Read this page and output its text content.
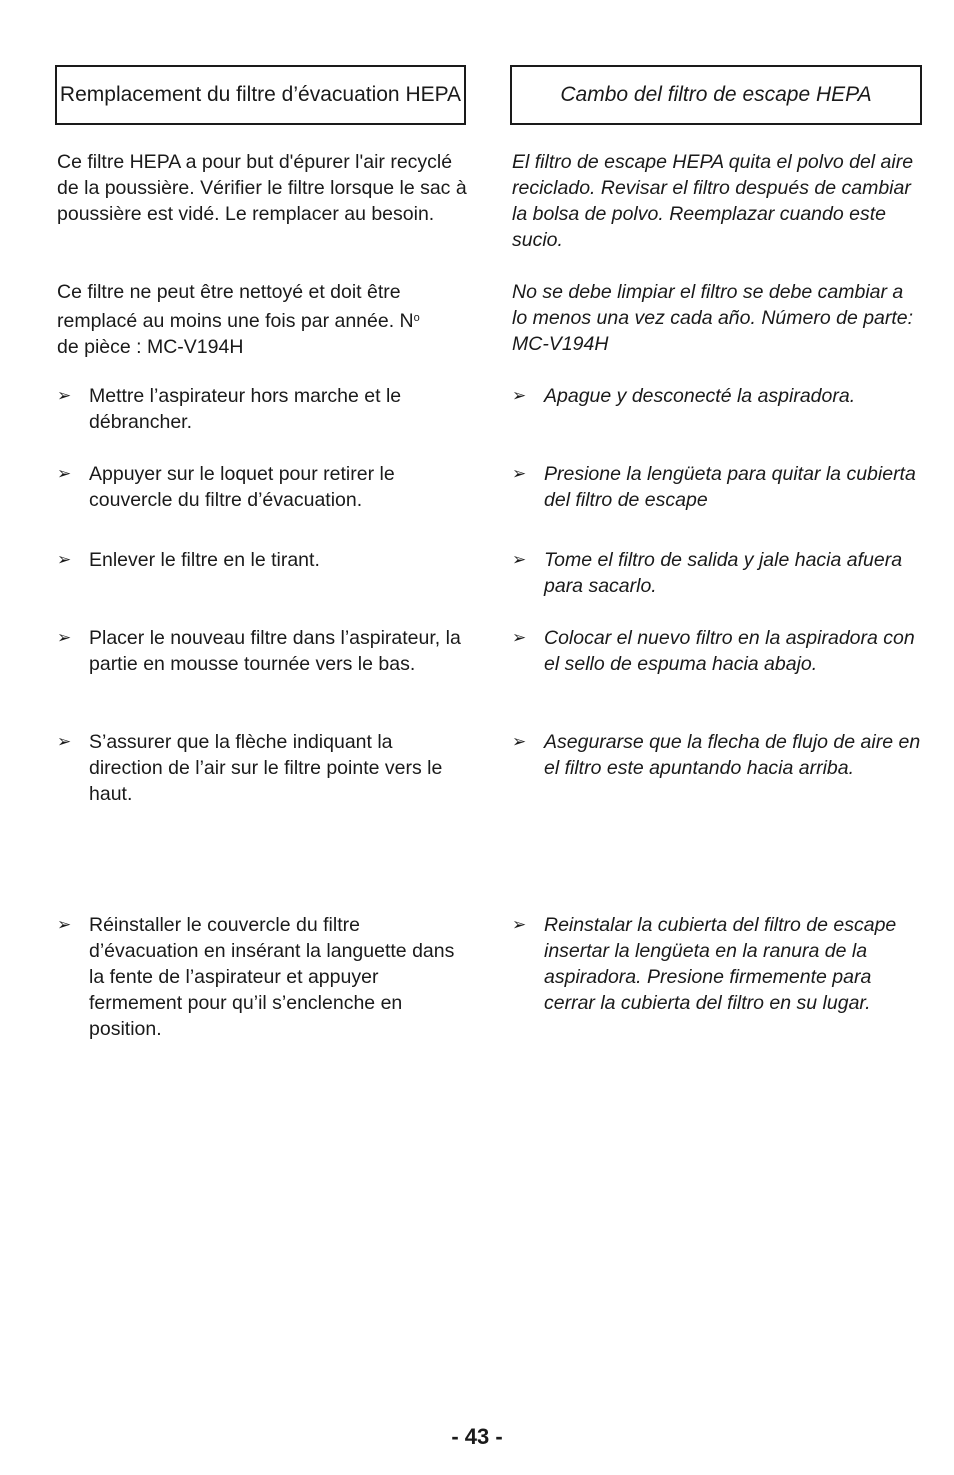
Remplacement du filtre d’évacuation HEPA

Ce filtre HEPA a pour but d'épurer l'air recyclé de la poussière. Vérifier le filtre lorsque le sac à poussière est vidé. Le remplacer au besoin.

Ce filtre ne peut être nettoyé et doit être remplacé au moins une fois par année. $N^o$
de pièce : MC-V194H

➢ Mettre l’aspirateur hors marche et le débrancher.
➢ Appuyer sur le loquet pour retirer le couvercle du filtre d’évacuation.
➢ Enlever le filtre en le tirant.
➢ Placer le nouveau filtre dans l’aspirateur, la partie en mousse tournée vers le bas.
➢ S’assurer que la flèche indiquant la direction de l’air sur le filtre pointe vers le haut.
➢ Réinstaller le couvercle du filtre d’évacuation en insérant la languette dans la fente de l’aspirateur et appuyer fermement pour qu’il s’enclenche en position.
Cambo del filtro de escape HEPA

El filtro de escape HEPA quita el polvo del aire reciclado. Revisar el filtro después de cambiar la bolsa de polvo. Reemplazar cuando este sucio.

No se debe limpiar el filtro se debe cambiar a lo menos una vez cada año. Número de parte: MC-V194H

➢ Apague y desconecté la aspiradora.
➢ Presione la lengüeta para quitar la cubierta del filtro de escape
➢ Tome el filtro de salida y jale hacia afuera para sacarlo.
➢ Colocar el nuevo filtro en la aspiradora con el sello de espuma hacia abajo.
➢ Asegurarse que la flecha de flujo de aire en el filtro este apuntando hacia arriba.
➢ Reinstalar la cubierta del filtro de escape insertar la lengüeta en la ranura de la aspiradora. Presione firmemente para cerrar la cubierta del filtro en su lugar.
- 43 -
